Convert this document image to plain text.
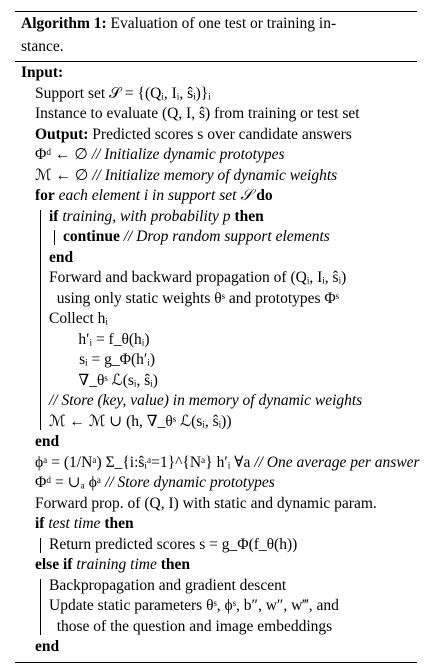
Algorithm 1: Evaluation of one test or training in-
stance.
Input:
Support set 𝒮 = {(Qᵢ, Iᵢ, ŝᵢ)}ᵢ
Instance to evaluate (Q, I, ŝ) from training or test set
Output: Predicted scores s over candidate answers
Φᵈ ← ∅ // Initialize dynamic prototypes
ℳ ← ∅ // Initialize memory of dynamic weights
for each element i in support set 𝒮 do
if training, with probability p then
continue // Drop random support elements
end
Forward and backward propagation of (Qᵢ, Iᵢ, ŝᵢ)
using only static weights θˢ and prototypes Φˢ
Collect hᵢ
h′ᵢ = f_θ(hᵢ)
sᵢ = g_Φ(h′ᵢ)
∇_θˢ ℒ(sᵢ, ŝᵢ)
// Store (key, value) in memory of dynamic weights
ℳ ← ℳ ∪ (h, ∇_θˢ ℒ(sᵢ, ŝᵢ))
end
ϕᵃ = (1/Nᵃ) Σ_{i:ŝᵢᵃ=1}^{Nᵃ} h′ᵢ ∀a // One average per answer
Φᵈ = ∪ₐ ϕᵃ // Store dynamic prototypes
Forward prop. of (Q, I) with static and dynamic param.
if test time then
Return predicted scores s = g_Φ(f_θ(h))
else if training time then
Backpropagation and gradient descent
Update static parameters θˢ, ϕˢ, b″, w″, w‴, and
those of the question and image embeddings
end
